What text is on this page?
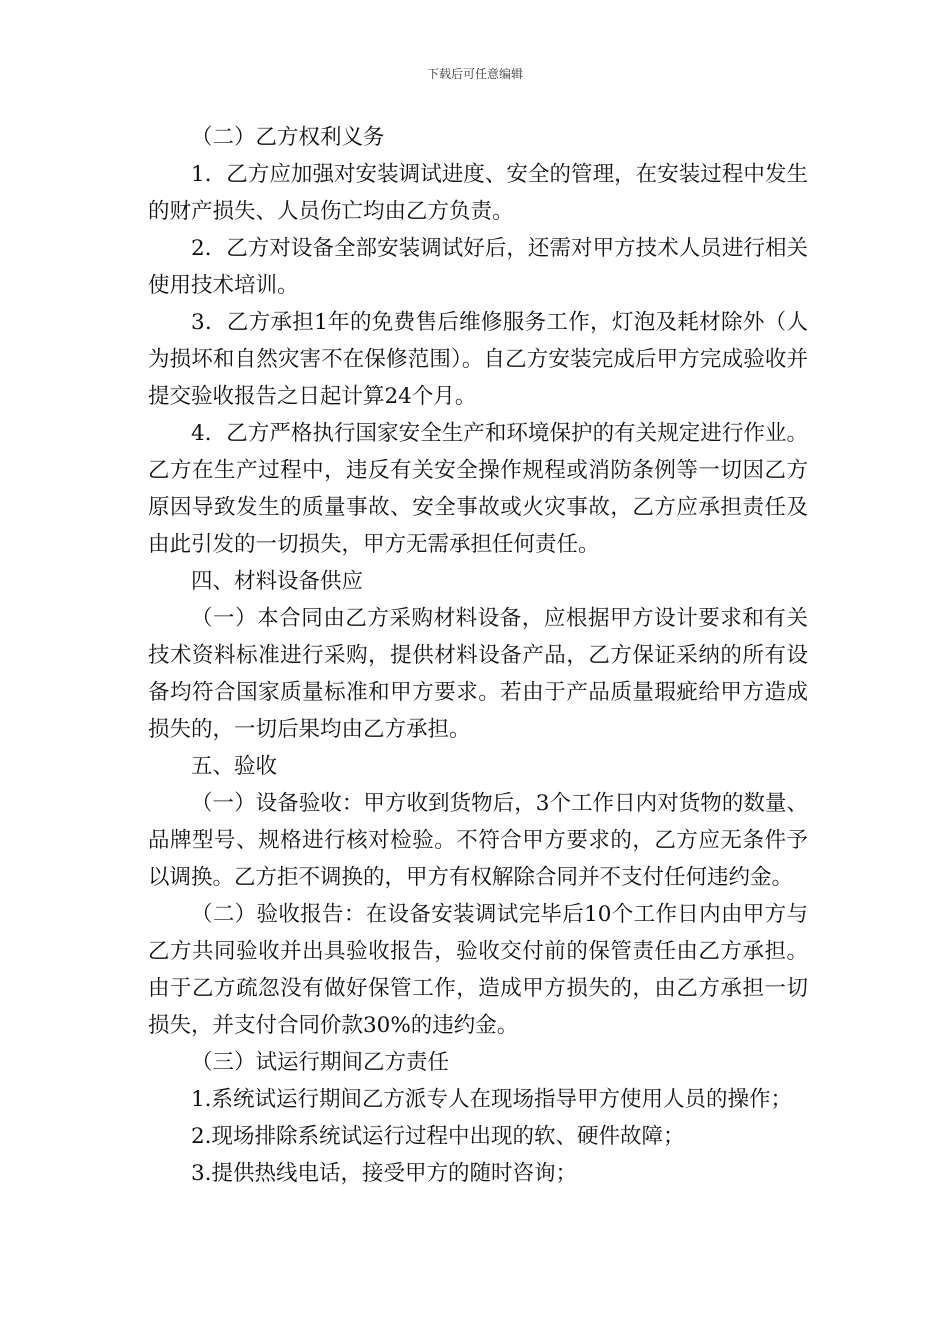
下载后可任意编辑

（二）乙方权利义务

1．乙方应加强对安装调试进度、安全的管理，在安装过程中发生的财产损失、人员伤亡均由乙方负责。

2．乙方对设备全部安装调试好后，还需对甲方技术人员进行相关使用技术培训。

3．乙方承担1年的免费售后维修服务工作，灯泡及耗材除外（人为损坏和自然灾害不在保修范围）。自乙方安装完成后甲方完成验收并提交验收报告之日起计算24个月。

4．乙方严格执行国家安全生产和环境保护的有关规定进行作业。乙方在生产过程中，违反有关安全操作规程或消防条例等一切因乙方原因导致发生的质量事故、安全事故或火灾事故，乙方应承担责任及由此引发的一切损失，甲方无需承担任何责任。

四、材料设备供应

（一）本合同由乙方采购材料设备，应根据甲方设计要求和有关技术资料标准进行采购，提供材料设备产品，乙方保证采纳的所有设备均符合国家质量标准和甲方要求。若由于产品质量瑕疵给甲方造成损失的，一切后果均由乙方承担。

五、验收

（一）设备验收：甲方收到货物后，3个工作日内对货物的数量、品牌型号、规格进行核对检验。不符合甲方要求的，乙方应无条件予以调换。乙方拒不调换的，甲方有权解除合同并不支付任何违约金。

（二）验收报告：在设备安装调试完毕后10个工作日内由甲方与乙方共同验收并出具验收报告，验收交付前的保管责任由乙方承担。由于乙方疏忽没有做好保管工作，造成甲方损失的，由乙方承担一切损失，并支付合同价款30%的违约金。

（三）试运行期间乙方责任

1.系统试运行期间乙方派专人在现场指导甲方使用人员的操作；

2.现场排除系统试运行过程中出现的软、硬件故障；

3.提供热线电话，接受甲方的随时咨询；
